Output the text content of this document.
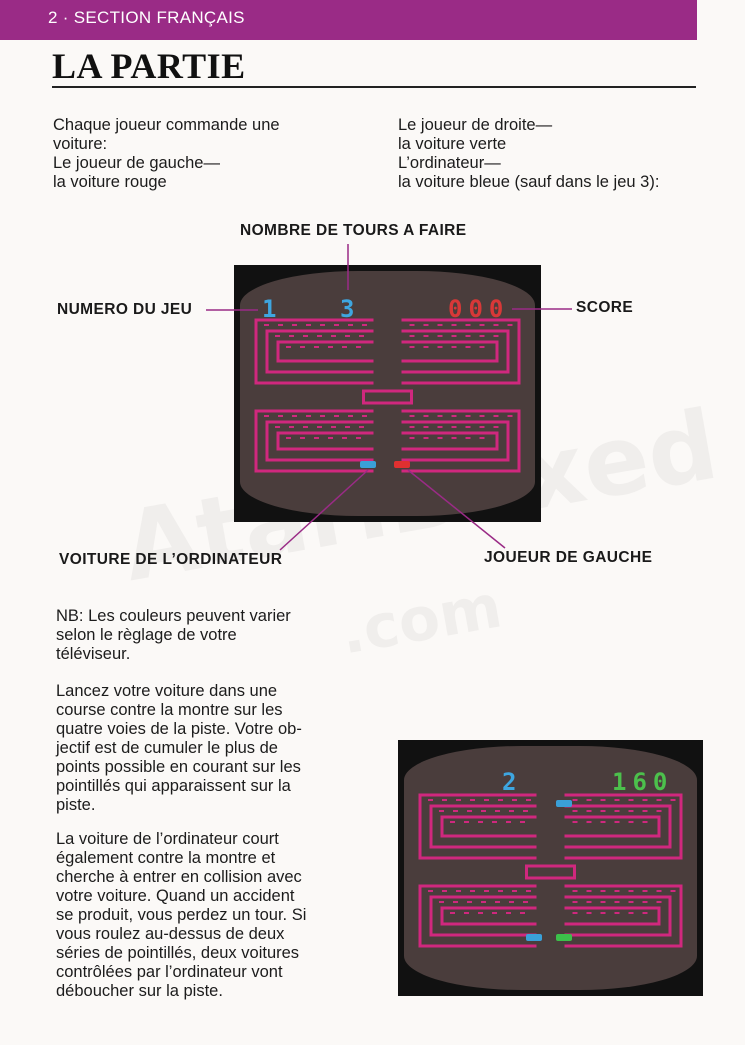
2 · SECTION FRANÇAIS
LA PARTIE
Chaque joueur commande une
voiture:
Le joueur de gauche—
la voiture rouge
Le joueur de droite—
la voiture verte
L’ordinateur—
la voiture bleue (sauf dans le jeu 3):
NOMBRE DE TOURS A FAIRE
NUMERO DU JEU	SCORE
VOITURE DE L’ORDINATEUR	JOUEUR DE GAUCHE
1 3	000
NB: Les couleurs peuvent varier
selon le règlage de votre
téléviseur.
Lancez votre voiture dans une
course contre la montre sur les
quatre voies de la piste. Votre ob-
jectif est de cumuler le plus de
points possible en courant sur les
pointillés qui apparaissent sur la
piste.
La voiture de l’ordinateur court
également contre la montre et
cherche à entrer en collision avec
votre voiture. Quand un accident
se produit, vous perdez un tour. Si
vous roulez au-dessus de deux
séries de pointillés, deux voitures
contrôlées par l’ordinateur vont
déboucher sur la piste.
2	160
